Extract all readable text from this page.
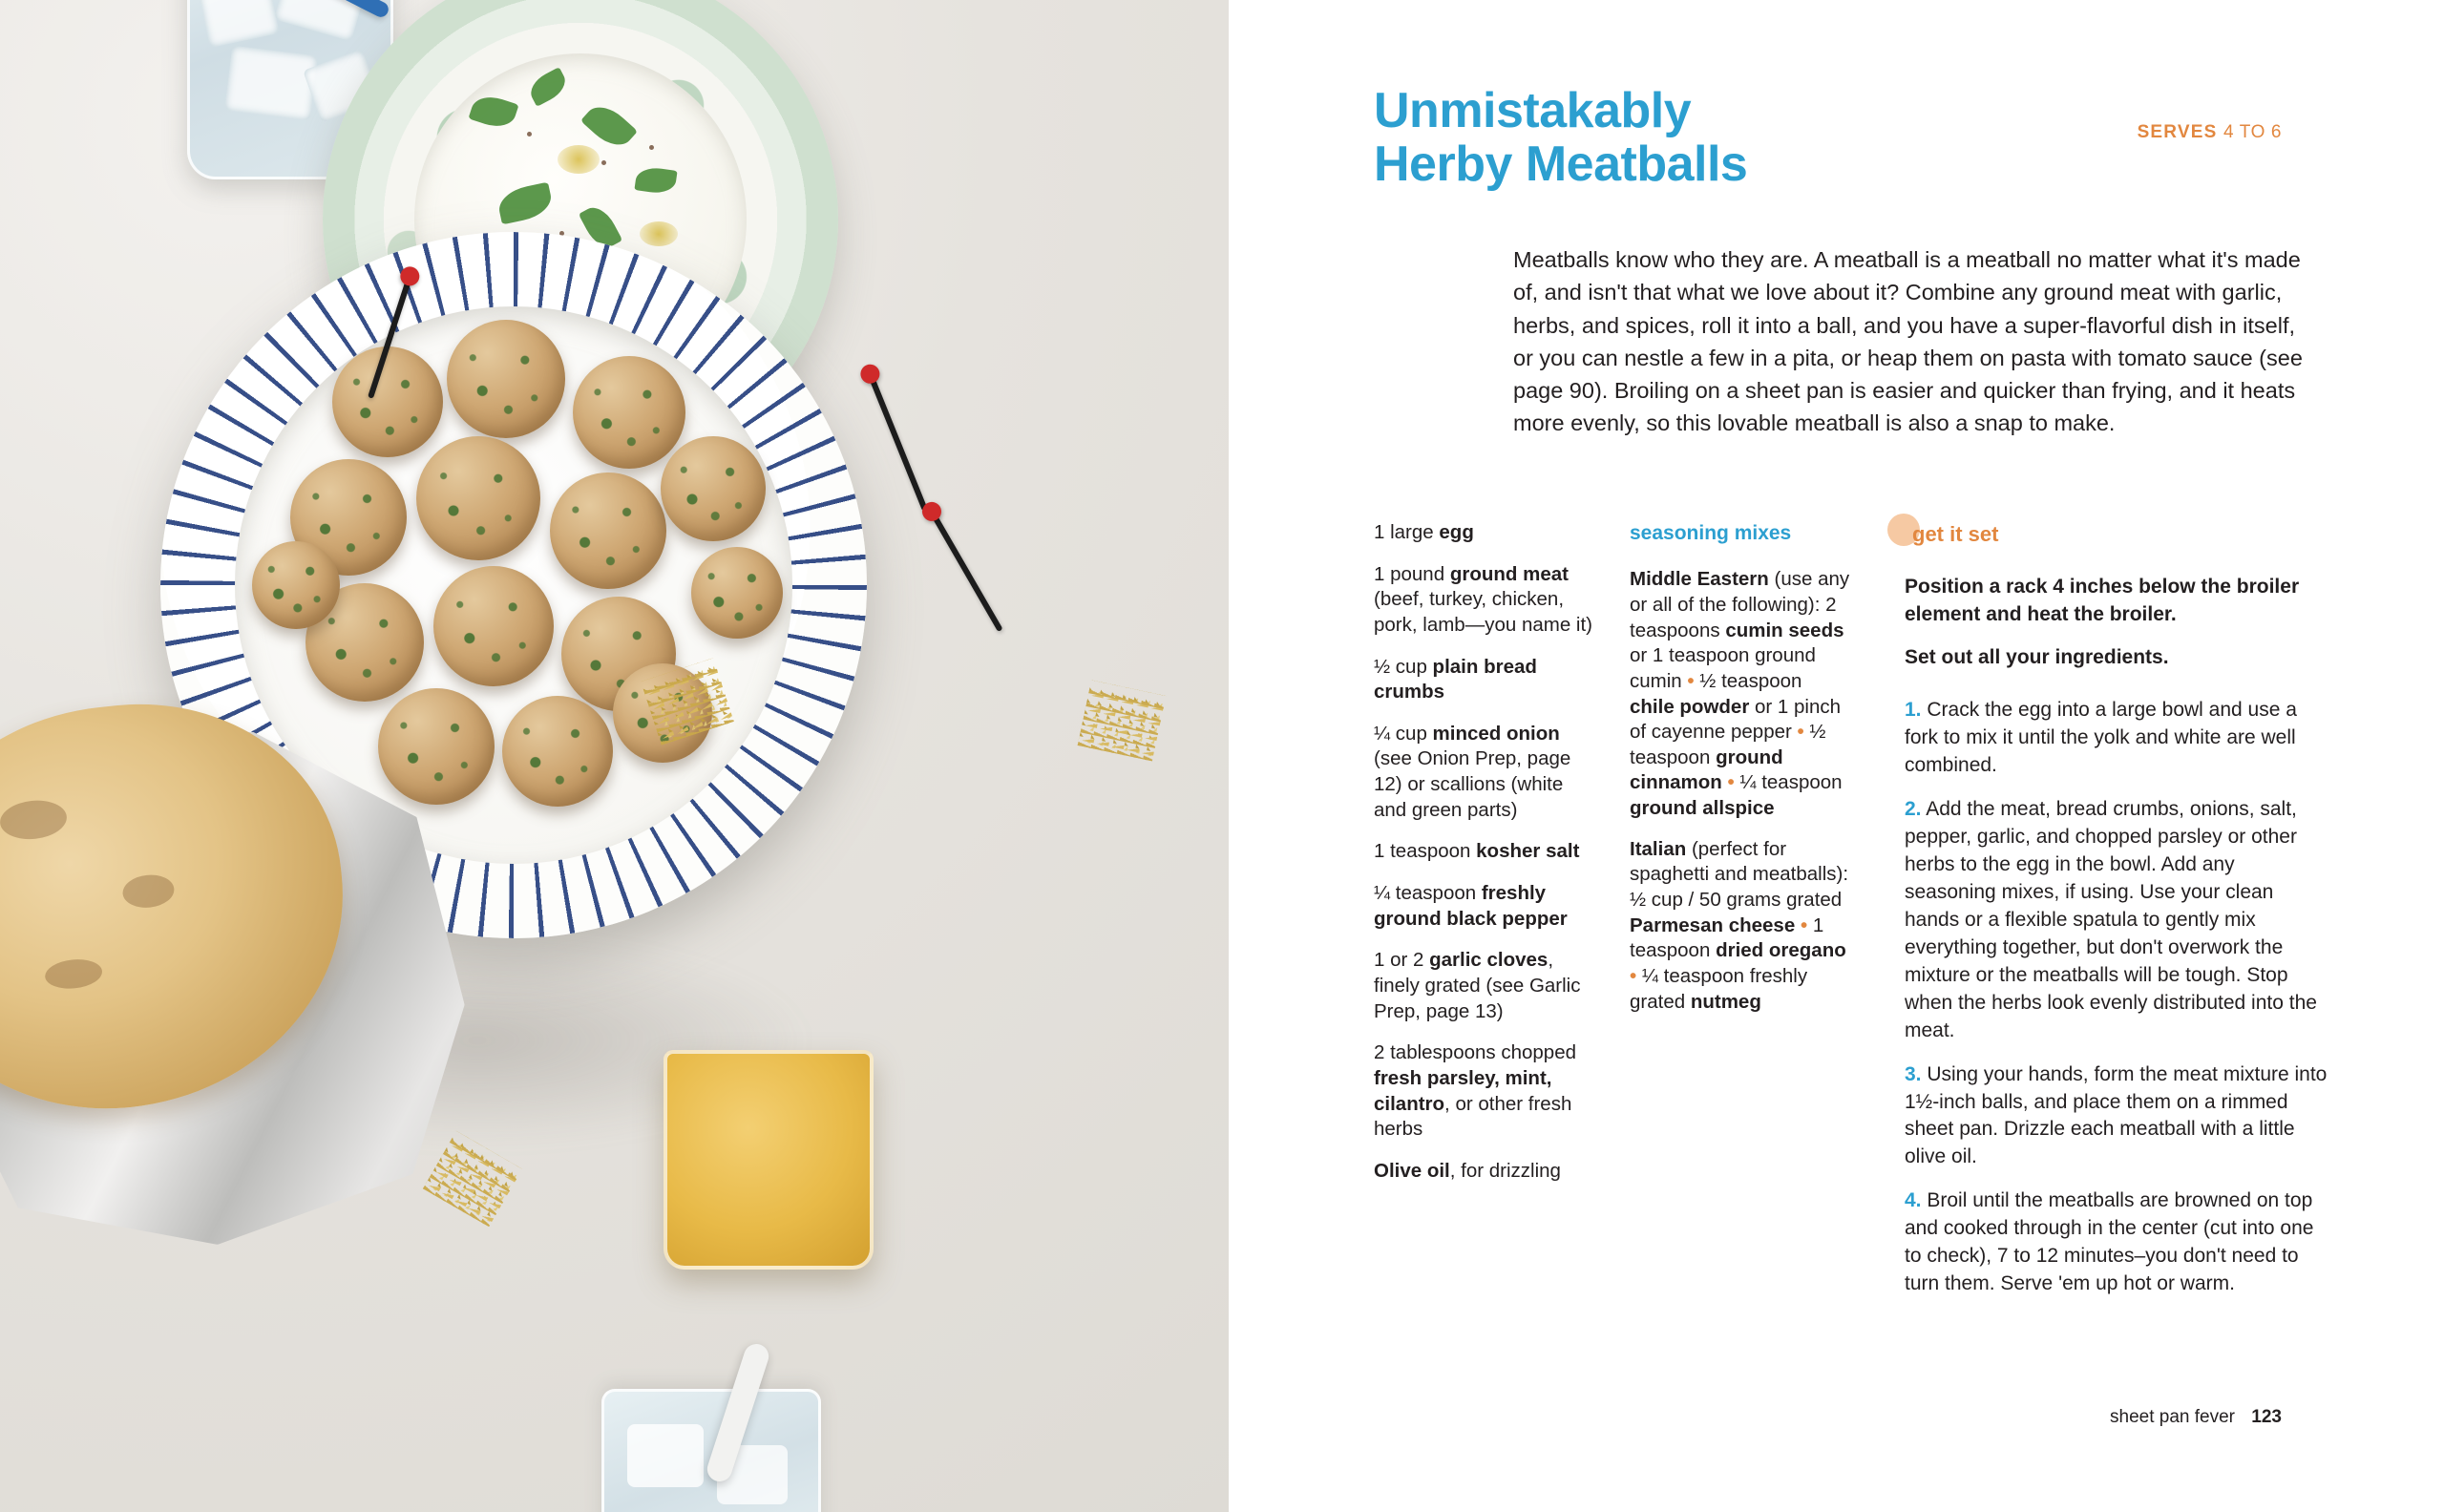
Unmistakably
Herby Meatballs
SERVES 4 TO 6
Meatballs know who they are. A meatball is a meatball no matter what it's made of, and isn't that what we love about it? Combine any ground meat with garlic, herbs, and spices, roll it into a ball, and you have a super-flavorful dish in itself, or you can nestle a few in a pita, or heap them on pasta with tomato sauce (see page 90). Broiling on a sheet pan is easier and quicker than frying, and it heats more evenly, so this lovable meatball is also a snap to make.

1 large egg

1 pound ground meat (beef, turkey, chicken, pork, lamb—you name it)

½ cup plain bread crumbs

¼ cup minced onion (see Onion Prep, page 12) or scallions (white and green parts)

1 teaspoon kosher salt

¼ teaspoon freshly ground black pepper

1 or 2 garlic cloves, finely grated (see Garlic Prep, page 13)

2 tablespoons chopped fresh parsley, mint, cilantro, or other fresh herbs

Olive oil, for drizzling

seasoning mixes

Middle Eastern (use any or all of the following): 2 teaspoons cumin seeds or 1 teaspoon ground cumin • ½ teaspoon chile powder or 1 pinch of cayenne pepper • ½ teaspoon ground cinnamon • ¼ teaspoon ground allspice

Italian (perfect for spaghetti and meatballs): ½ cup / 50 grams grated Parmesan cheese • 1 teaspoon dried oregano • ¼ teaspoon freshly grated nutmeg

get it set

Position a rack 4 inches below the broiler element and heat the broiler.

Set out all your ingredients.

1. Crack the egg into a large bowl and use a fork to mix it until the yolk and white are well combined.

2. Add the meat, bread crumbs, onions, salt, pepper, garlic, and chopped parsley or other herbs to the egg in the bowl. Add any seasoning mixes, if using. Use your clean hands or a flexible spatula to gently mix everything together, but don't overwork the mixture or the meatballs will be tough. Stop when the herbs look evenly distributed into the meat.

3. Using your hands, form the meat mixture into 1½-inch balls, and place them on a rimmed sheet pan. Drizzle each meatball with a little olive oil.

4. Broil until the meatballs are browned on top and cooked through in the center (cut into one to check), 7 to 12 minutes–you don't need to turn them. Serve 'em up hot or warm.

sheet pan fever 123
